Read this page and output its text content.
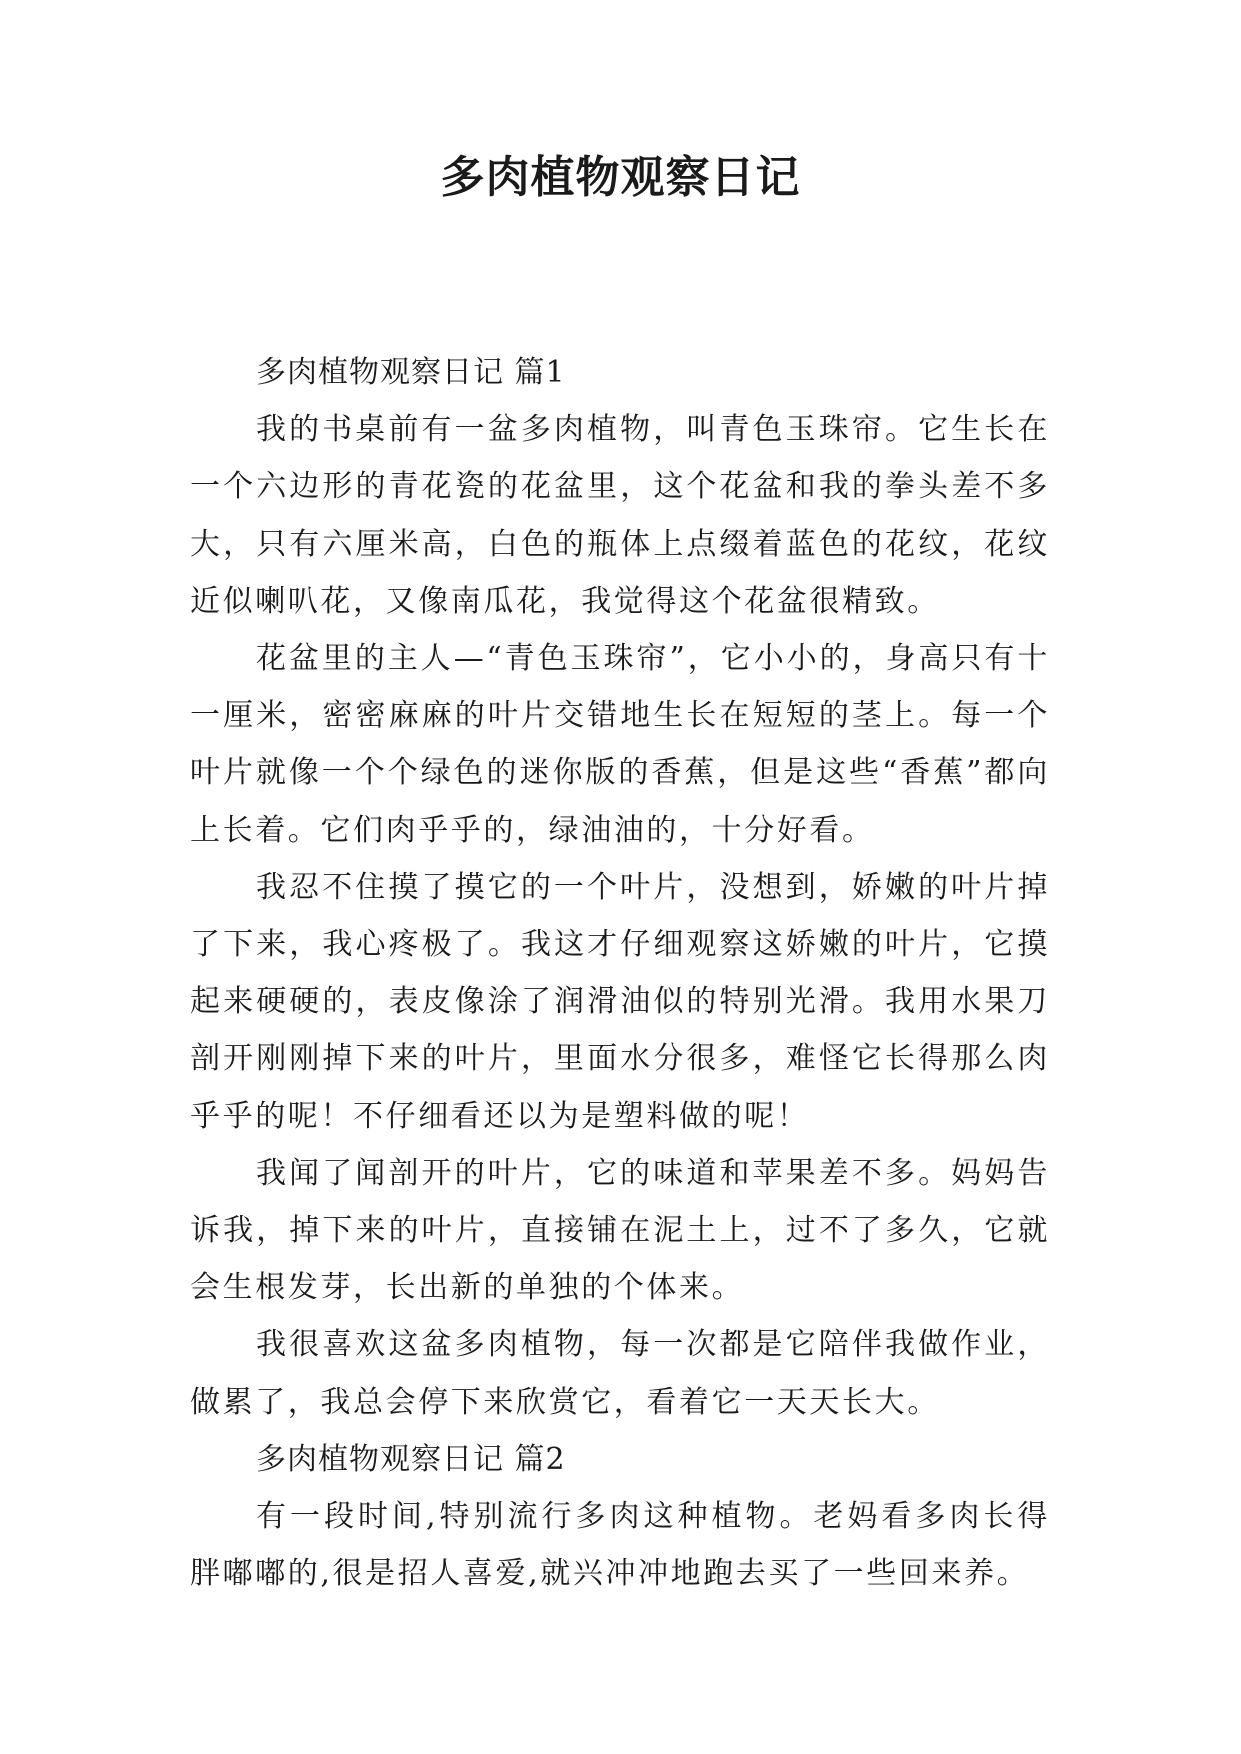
多肉植物观察日记

多肉植物观察日记 篇1

我的书桌前有一盆多肉植物，叫青色玉珠帘。它生长在一个六边形的青花瓷的花盆里，这个花盆和我的拳头差不多大，只有六厘米高，白色的瓶体上点缀着蓝色的花纹，花纹近似喇叭花，又像南瓜花，我觉得这个花盆很精致。

花盆里的主人—“青色玉珠帘”，它小小的，身高只有十一厘米，密密麻麻的叶片交错地生长在短短的茎上。每一个叶片就像一个个绿色的迷你版的香蕉，但是这些“香蕉”都向上长着。它们肉乎乎的，绿油油的，十分好看。

我忍不住摸了摸它的一个叶片，没想到，娇嫩的叶片掉了下来，我心疼极了。我这才仔细观察这娇嫩的叶片，它摸起来硬硬的，表皮像涂了润滑油似的特别光滑。我用水果刀剖开刚刚掉下来的叶片，里面水分很多，难怪它长得那么肉乎乎的呢！不仔细看还以为是塑料做的呢！

我闻了闻剖开的叶片，它的味道和苹果差不多。妈妈告诉我，掉下来的叶片，直接铺在泥土上，过不了多久，它就会生根发芽，长出新的单独的个体来。

我很喜欢这盆多肉植物，每一次都是它陪伴我做作业，做累了，我总会停下来欣赏它，看着它一天天长大。

多肉植物观察日记 篇2

有一段时间,特别流行多肉这种植物。老妈看多肉长得胖嘟嘟的,很是招人喜爱,就兴冲冲地跑去买了一些回来养。
